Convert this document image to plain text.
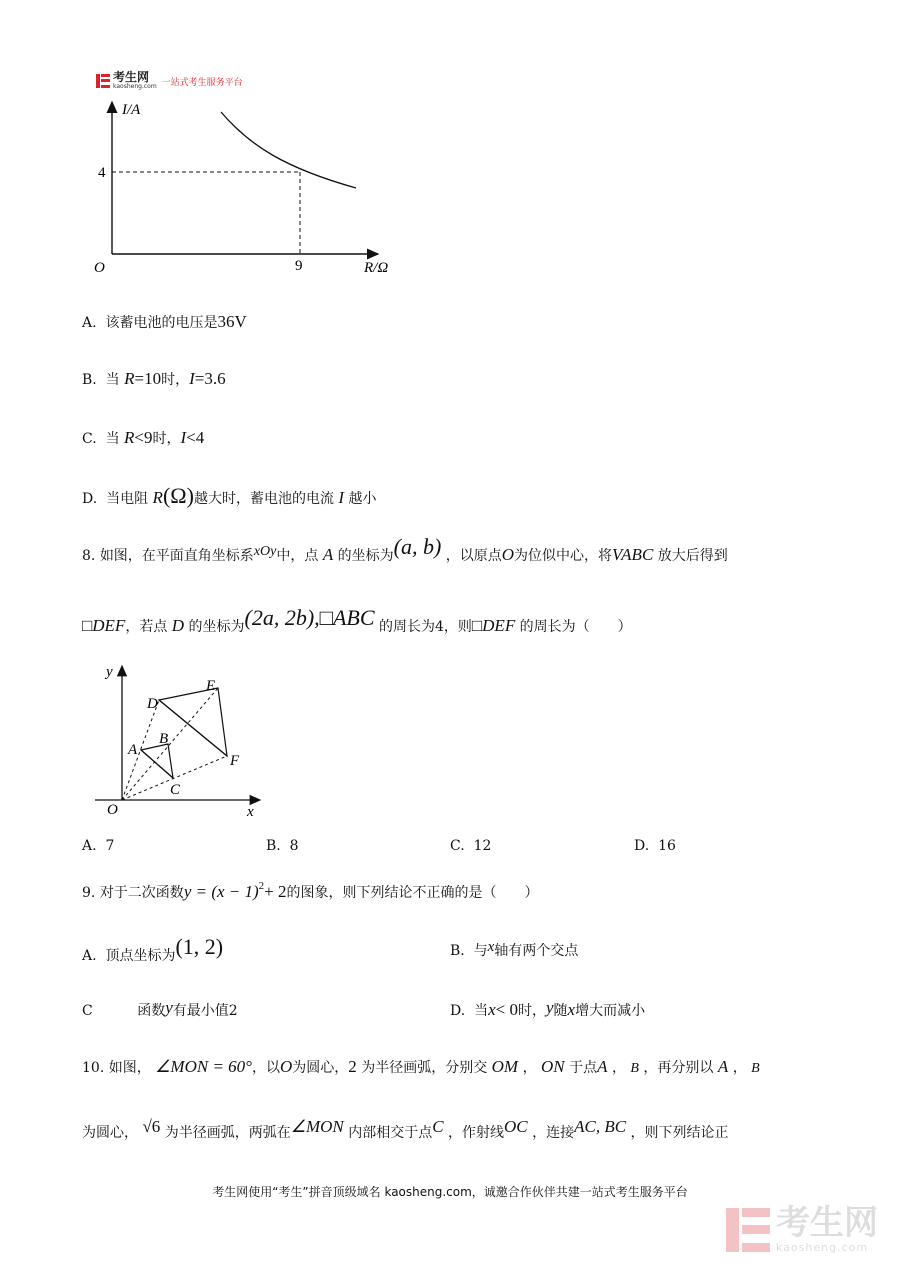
考生网
kaosheng.com 一站式考生服务平台
I/A
R/Ω
O
4
9
A. 该蓄电池的电压是36V
B. 当 R=10时，I=3.6
C. 当 R<9时，I<4
D. 当电阻 R(Ω)越大时，蓄电池的电流 I 越小
8. 如图，在平面直角坐标系xOy中，点 A 的坐标为(a, b) ，以原点O为位似中心，将VABC 放大后得到
□DEF，若点 D 的坐标为(2a, 2b),□ABC 的周长为4，则□DEF 的周长为（　　）
y
x
O
A
B
C
D
E
F
A. 7	B. 8	C. 12	D. 16
9. 对于二次函数$y = (x - 1)^2+ 2$的图象，则下列结论不正确的是（　　）
A. 顶点坐标为(1, 2)	B. 与x轴有两个交点
C	函数y有最小值2	D. 当x< 0时，y随x增大而减小
10. 如图， ∠MON = 60°，以O为圆心，2 为半径画弧，分别交 OM ， ON 于点A ， B ，再分别以 A ， B
为圆心， √6 为半径画弧，两弧在∠MON 内部相交于点C ，作射线OC ，连接AC, BC ，则下列结论正
考生网使用“考生”拼音顶级域名 kaosheng.com，诚邀合作伙伴共建一站式考生服务平台
考生网
kaosheng.com
